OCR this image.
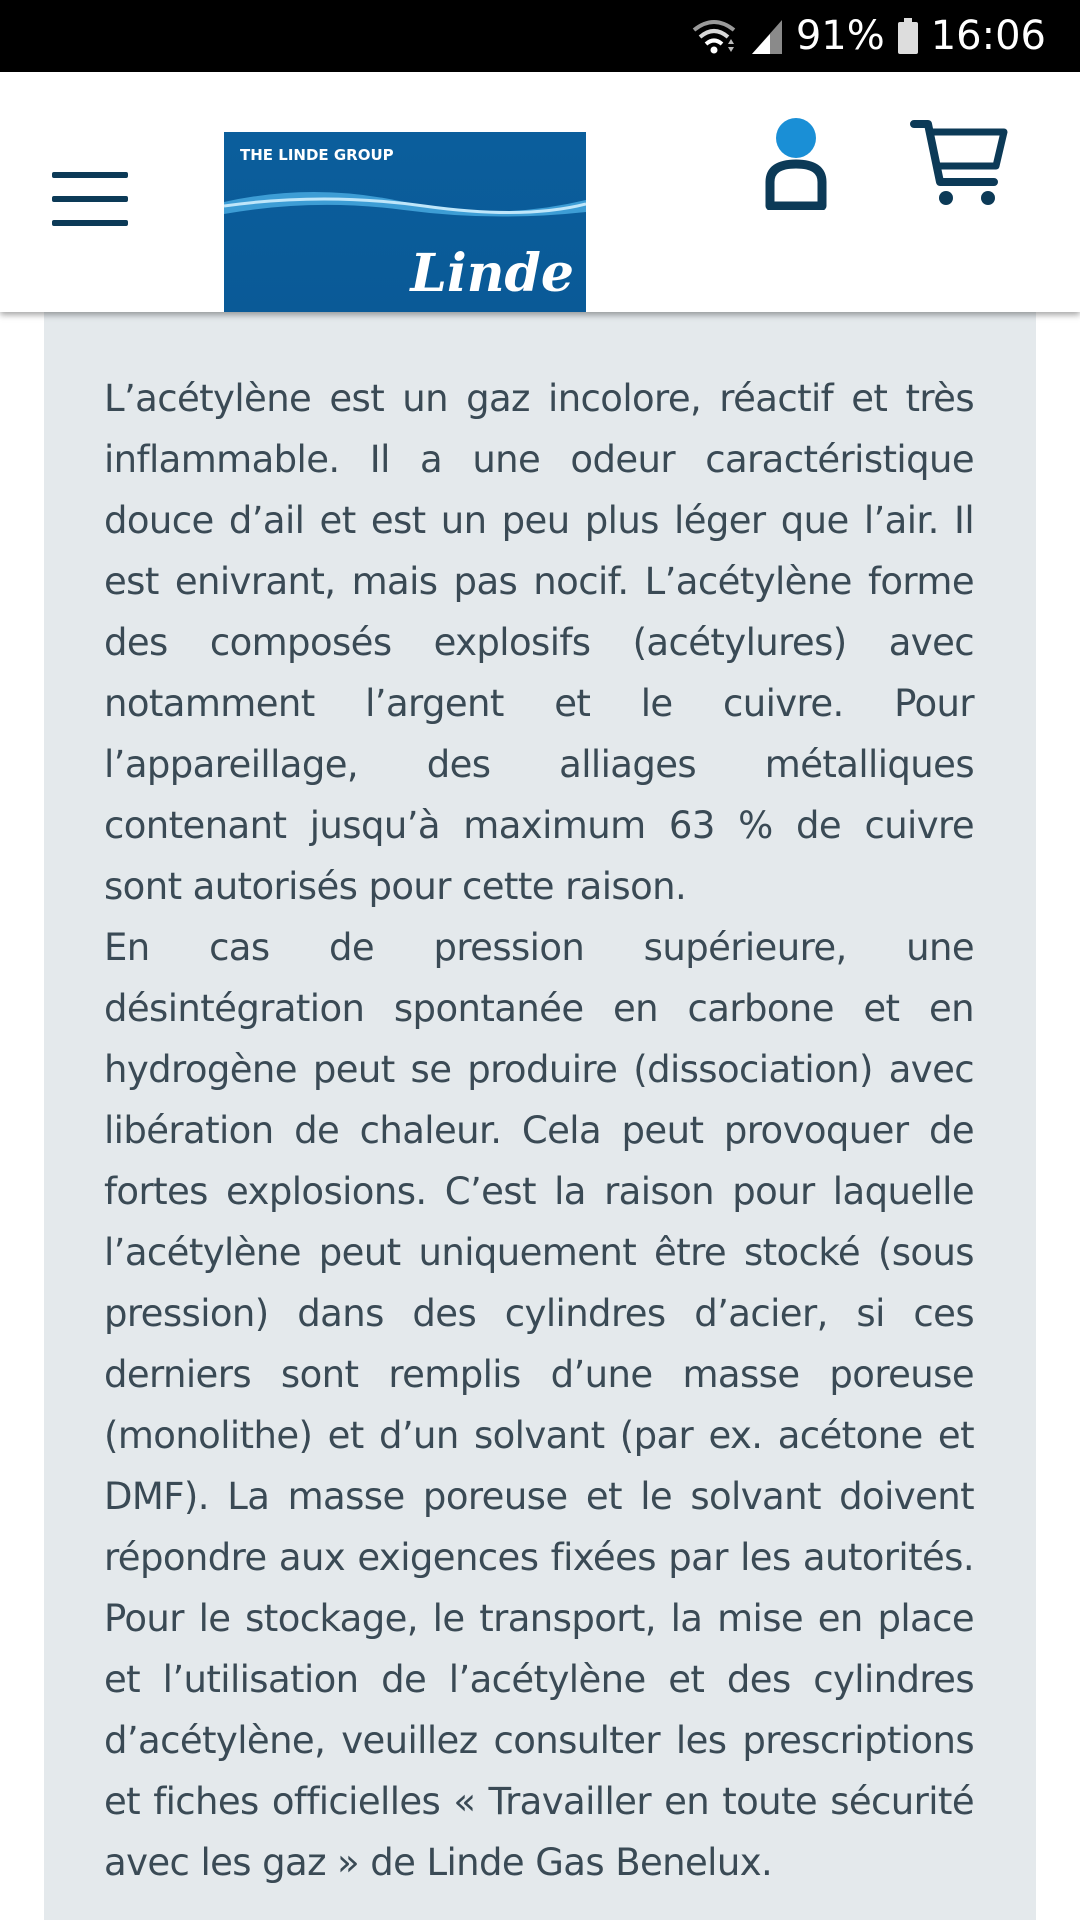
91% 16:06
THE LINDE GROUP
Linde

L’acétylène est un gaz incolore, réactif et très inflammable. Il a une odeur caractéristique douce d’ail et est un peu plus léger que l’air. Il est enivrant, mais pas nocif. L’acétylène forme des composés explosifs (acétylures) avec notamment l’argent et le cuivre. Pour l’appareillage, des alliages métalliques contenant jusqu’à maximum 63 % de cuivre sont autorisés pour cette raison.

En cas de pression supérieure, une désintégration spontanée en carbone et en hydrogène peut se produire (dissociation) avec libération de chaleur. Cela peut provoquer de fortes explosions. C’est la raison pour laquelle l’acétylène peut uniquement être stocké (sous pression) dans des cylindres d’acier, si ces derniers sont remplis d’une masse poreuse (monolithe) et d’un solvant (par ex. acétone et DMF). La masse poreuse et le solvant doivent répondre aux exigences fixées par les autorités. Pour le stockage, le transport, la mise en place et l’utilisation de l’acétylène et des cylindres d’acétylène, veuillez consulter les prescriptions et fiches officielles « Travailler en toute sécurité avec les gaz » de Linde Gas Benelux.
